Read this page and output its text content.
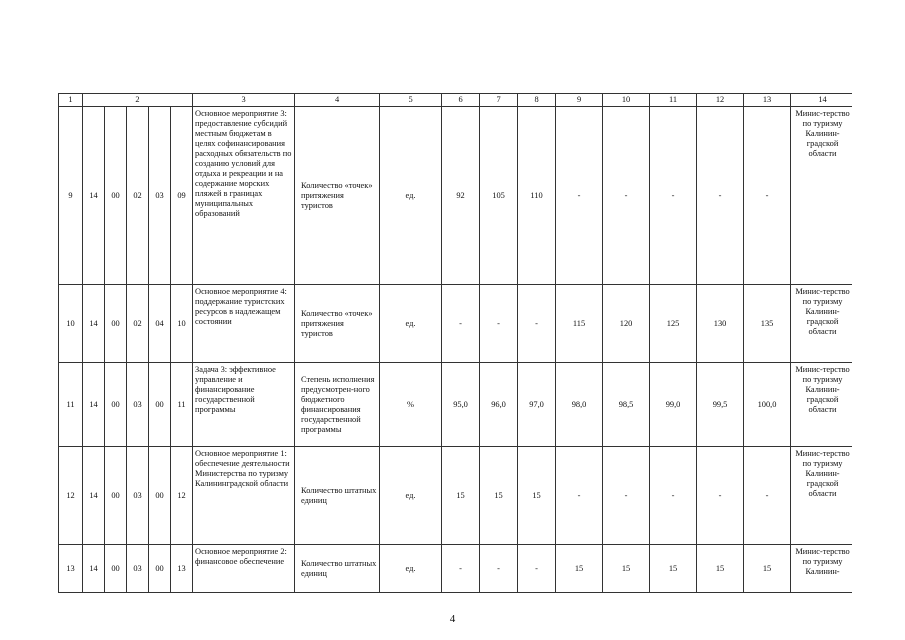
1	2					3	4	5	6	7	8	9	10	11	12	13	14
9	14	00	02	03	09	Основное мероприятие 3: предоставление субсидий местным бюджетам в целях софинансирования расходных обязательств по созданию условий для отдыха и рекреации и на содержание морских пляжей в границах муниципальных образований	Количество «точек» притяжения туристов	ед.	92	105	110	-	-	-	-	-	Минис-терство по туризму Калинин-градской области
10	14	00	02	04	10	Основное мероприятие 4: поддержание туристских ресурсов в надлежащем состоянии	Количество «точек» притяжения туристов	ед.	-	-	-	115	120	125	130	135	Минис-терство по туризму Калинин-градской области
11	14	00	03	00	11	Задача 3: эффективное управление и финансирование государственной программы	Степень исполнения предусмотрен-ного бюджетного финансирования государственной программы	%	95,0	96,0	97,0	98,0	98,5	99,0	99,5	100,0	Минис-терство по туризму Калинин-градской области
12	14	00	03	00	12	Основное мероприятие 1: обеспечение деятельности Министерства по туризму Калининградской области	Количество штатных единиц	ед.	15	15	15	-	-	-	-	-	Минис-терство по туризму Калинин-градской области
13	14	00	03	00	13	Основное мероприятие 2: финансовое обеспечение	Количество штатных единиц	ед.	-	-	-	15	15	15	15	15	Минис-терство по туризму Калинин-
4
